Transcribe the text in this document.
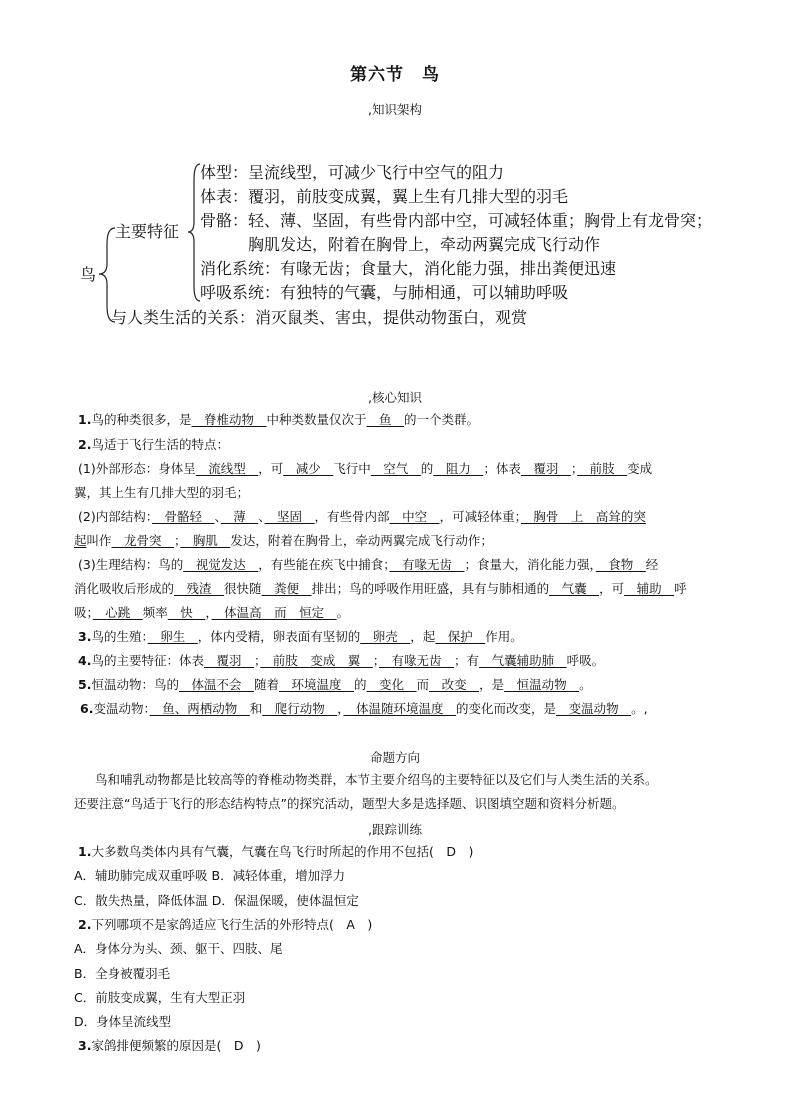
第六节　鸟
,知识架构
鸟
主要特征
体型：呈流线型，可减少飞行中空气的阻力
体表：覆羽，前肢变成翼，翼上生有几排大型的羽毛
骨骼：轻、薄、坚固，有些骨内部中空，可减轻体重；胸骨上有龙骨突；
胸肌发达，附着在胸骨上，牵动两翼完成飞行动作
消化系统：有喙无齿；食量大，消化能力强，排出粪便迅速
呼吸系统：有独特的气囊，与肺相通，可以辅助呼吸
与人类生活的关系：消灭鼠类、害虫，提供动物蛋白，观赏
,核心知识
1.鸟的种类很多，是　脊椎动物　中种类数量仅次于　鱼　的一个类群。
2.鸟适于飞行生活的特点：
(1)外部形态：身体呈　流线型　，可　减少　飞行中　空气　的　阻力　；体表　覆羽　；　前肢　变成
翼，其上生有几排大型的羽毛；
(2)内部结构：　骨骼轻　、　薄　、　坚固　，有些骨内部　中空　，可减轻体重；　胸骨　上　高耸的突
起叫作　龙骨突　；　胸肌　发达，附着在胸骨上，牵动两翼完成飞行动作；
(3)生理结构：鸟的　视觉发达　，有些能在疾飞中捕食；　有喙无齿　；食量大，消化能力强，　食物　经
消化吸收后形成的　残渣　很快随　粪便　排出；鸟的呼吸作用旺盛，具有与肺相通的　气囊　，可　辅助　呼
吸；　心跳　频率　快　，　体温高　而　恒定　。
3.鸟的生殖：　卵生　，体内受精，卵表面有坚韧的　卵壳　，起　保护　作用。
4.鸟的主要特征：体表　覆羽　；　前肢　变成　翼　；　有喙无齿　；有　气囊辅助肺　呼吸。
5.恒温动物：鸟的　体温不会　随着　环境温度　的　变化　而　改变　，是　恒温动物　。
6.变温动物：　鱼、两栖动物　和　爬行动物　，　体温随环境温度　的变化而改变，是　变温动物　。,
命题方向
鸟和哺乳动物都是比较高等的脊椎动物类群，本节主要介绍鸟的主要特征以及它们与人类生活的关系。
还要注意“鸟适于飞行的形态结构特点”的探究活动，题型大多是选择题、识图填空题和资料分析题。
,跟踪训练
1.大多数鸟类体内具有气囊，气囊在鸟飞行时所起的作用不包括(　D　)
A．辅助肺完成双重呼吸 B．减轻体重，增加浮力
C．散失热量，降低体温 D．保温保暖，使体温恒定
2.下列哪项不是家鸽适应飞行生活的外形特点(　A　)
A．身体分为头、颈、躯干、四肢、尾
B．全身被覆羽毛
C．前肢变成翼，生有大型正羽
D．身体呈流线型
3.家鸽排便频繁的原因是(　D　)
